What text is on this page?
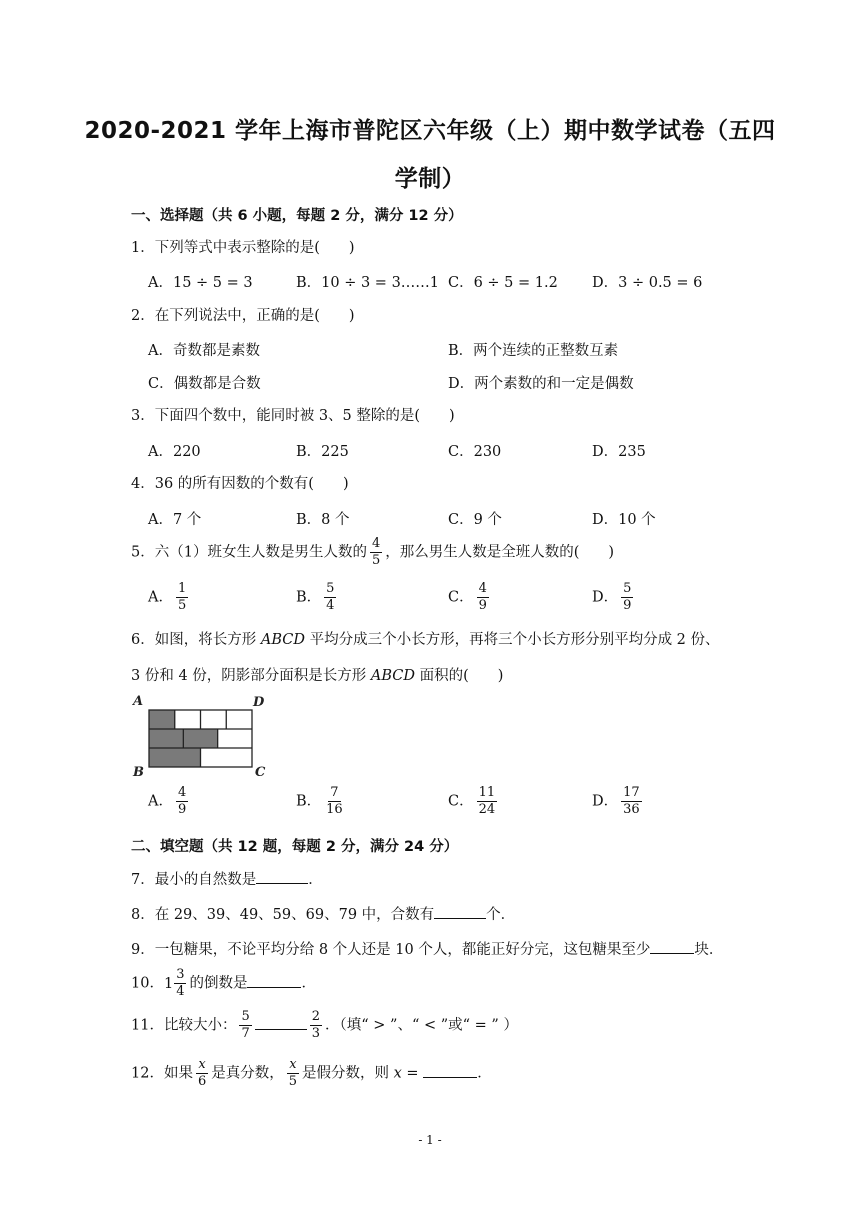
2020-2021 学年上海市普陀区六年级（上）期中数学试卷（五四
学制）
一、选择题（共 6 小题，每题 2 分，满分 12 分）
1．下列等式中表示整除的是(　　)
A．15 ÷ 5 = 3	B．10 ÷ 3 = 3……1 C．6 ÷ 5 = 1.2 D．3 ÷ 0.5 = 6
2．在下列说法中，正确的是(　　)
A．奇数都是素数	B．两个连续的正整数互素
C．偶数都是合数	D．两个素数的和一定是偶数
3．下面四个数中，能同时被 3、5 整除的是(　　)
A．220	B．225	C．230	D．235
4．36 的所有因数的个数有(　　)
A．7 个	B．8 个	C．9 个	D．10 个
5．六（1）班女生人数是男生人数的 $\frac{4}{5}$ ，那么男生人数是全班人数的(　　)
A． $\frac{1}{5}$	B． $\frac{5}{4}$	C． $\frac{4}{9}$	D． $\frac{5}{9}$
6．如图，将长方形 ABCD 平均分成三个小长方形，再将三个小长方形分别平均分成 2 份、
3 份和 4 份，阴影部分面积是长方形 ABCD 面积的(　　)
A	D
B	C
A． $\frac{4}{9}$	B． $\frac{7}{16}$	C． $\frac{11}{24}$	D． $\frac{17}{36}$
二、填空题（共 12 题，每题 2 分，满分 24 分）
7．最小的自然数是	．
8．在 29、39、49、59、69、79 中，合数有	个．
9．一包糖果，不论平均分给 8 个人还是 10 个人，都能正好分完，这包糖果至少	块．
10． $1 \frac{3}{4}$ 的倒数是	．
11．比较大小： $\frac{5}{7}$	$\frac{2}{3}$ ．（填“ > ”、“ < ”或“ = ” ）
12．如果 $\frac{x}{6}$ 是真分数， $\frac{x}{5}$ 是假分数，则 x =	．
- 1 -
